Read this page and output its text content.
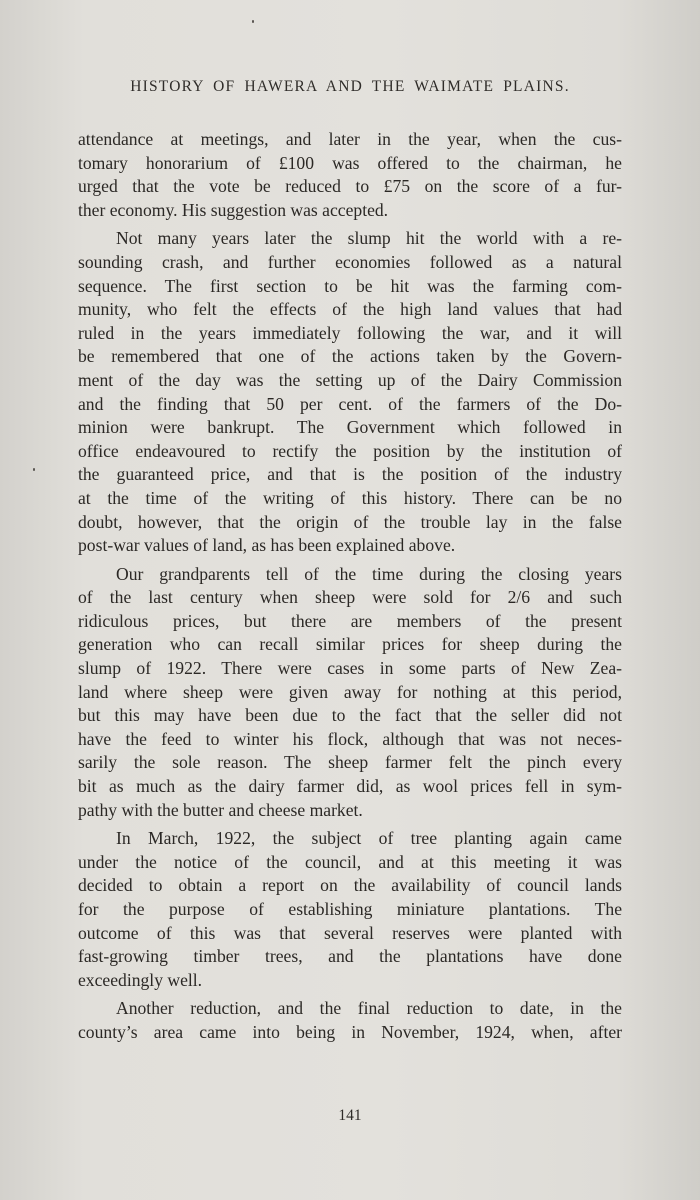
HISTORY OF HAWERA AND THE WAIMATE PLAINS.

attendance at meetings, and later in the year, when the cus-
tomary honorarium of £100 was offered to the chairman, he
urged that the vote be reduced to £75 on the score of a fur-
ther economy. His suggestion was accepted.

Not many years later the slump hit the world with a re-
sounding crash, and further economies followed as a natural
sequence. The first section to be hit was the farming com-
munity, who felt the effects of the high land values that had
ruled in the years immediately following the war, and it will
be remembered that one of the actions taken by the Govern-
ment of the day was the setting up of the Dairy Commission
and the finding that 50 per cent. of the farmers of the Do-
minion were bankrupt. The Government which followed in
office endeavoured to rectify the position by the institution of
the guaranteed price, and that is the position of the industry
at the time of the writing of this history. There can be no
doubt, however, that the origin of the trouble lay in the false
post-war values of land, as has been explained above.

Our grandparents tell of the time during the closing years
of the last century when sheep were sold for 2/6 and such
ridiculous prices, but there are members of the present
generation who can recall similar prices for sheep during the
slump of 1922. There were cases in some parts of New Zea-
land where sheep were given away for nothing at this period,
but this may have been due to the fact that the seller did not
have the feed to winter his flock, although that was not neces-
sarily the sole reason. The sheep farmer felt the pinch every
bit as much as the dairy farmer did, as wool prices fell in sym-
pathy with the butter and cheese market.

In March, 1922, the subject of tree planting again came
under the notice of the council, and at this meeting it was
decided to obtain a report on the availability of council lands
for the purpose of establishing miniature plantations. The
outcome of this was that several reserves were planted with
fast-growing timber trees, and the plantations have done
exceedingly well.

Another reduction, and the final reduction to date, in the
county’s area came into being in November, 1924, when, after

141
